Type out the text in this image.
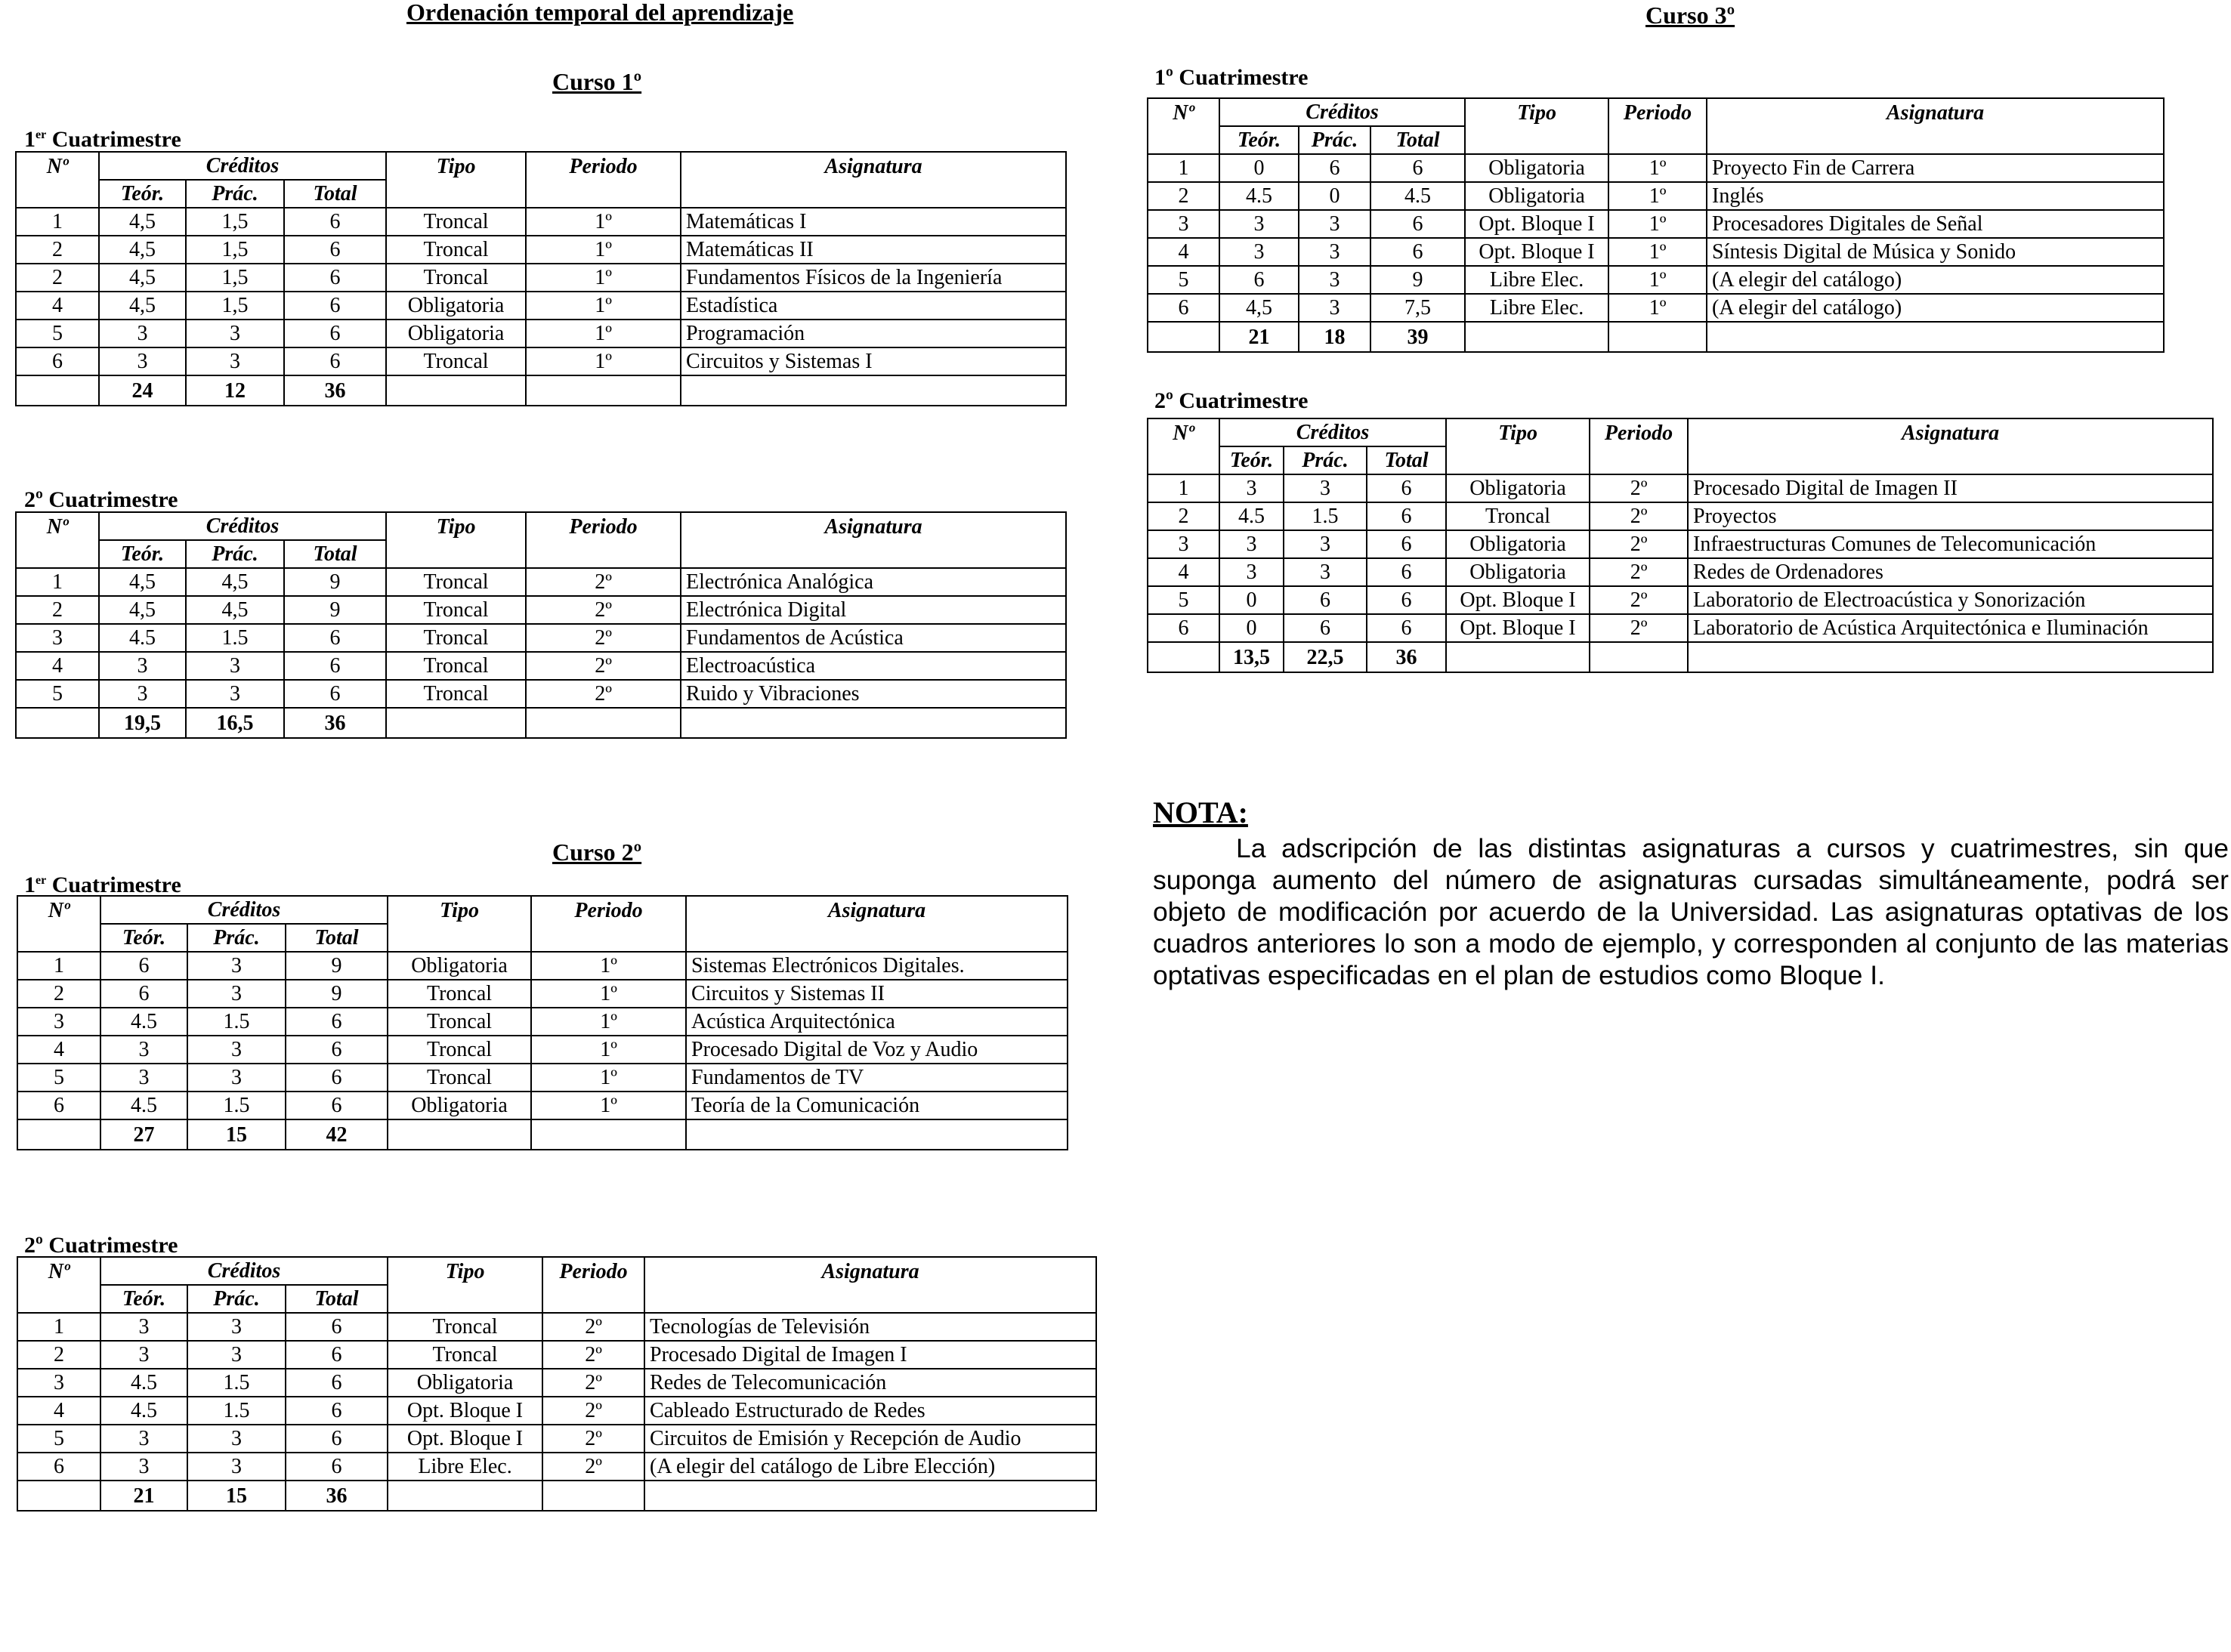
Ordenación temporal del aprendizaje
Curso 1º
Curso 2º
Curso 3º
1er Cuatrimestre
2º Cuatrimestre
1er Cuatrimestre
2º Cuatrimestre
1º Cuatrimestre
2º Cuatrimestre
Nº	Créditos			Tipo	Periodo	Asignatura
	Teór.	Prác.	Total			
1	4,5	1,5	6	Troncal	1º	Matemáticas I
2	4,5	1,5	6	Troncal	1º	Matemáticas II
2	4,5	1,5	6	Troncal	1º	Fundamentos Físicos de la Ingeniería
4	4,5	1,5	6	Obligatoria	1º	Estadística
5	3	3	6	Obligatoria	1º	Programación
6	3	3	6	Troncal	1º	Circuitos y Sistemas I
	24	12	36			
Nº	Créditos			Tipo	Periodo	Asignatura
	Teór.	Prác.	Total			
1	4,5	4,5	9	Troncal	2º	Electrónica Analógica
2	4,5	4,5	9	Troncal	2º	Electrónica Digital
3	4.5	1.5	6	Troncal	2º	Fundamentos de Acústica
4	3	3	6	Troncal	2º	Electroacústica
5	3	3	6	Troncal	2º	Ruido y Vibraciones
	19,5	16,5	36			
Nº	Créditos			Tipo	Periodo	Asignatura
	Teór.	Prác.	Total			
1	6	3	9	Obligatoria	1º	Sistemas Electrónicos Digitales.
2	6	3	9	Troncal	1º	Circuitos y Sistemas II
3	4.5	1.5	6	Troncal	1º	Acústica Arquitectónica
4	3	3	6	Troncal	1º	Procesado Digital de Voz y Audio
5	3	3	6	Troncal	1º	Fundamentos de TV
6	4.5	1.5	6	Obligatoria	1º	Teoría de la Comunicación
	27	15	42			
Nº	Créditos			Tipo	Periodo	Asignatura
	Teór.	Prác.	Total			
1	3	3	6	Troncal	2º	Tecnologías de Televisión
2	3	3	6	Troncal	2º	Procesado Digital de Imagen I
3	4.5	1.5	6	Obligatoria	2º	Redes de Telecomunicación
4	4.5	1.5	6	Opt. Bloque I	2º	Cableado Estructurado de Redes
5	3	3	6	Opt. Bloque I	2º	Circuitos de Emisión y Recepción de Audio
6	3	3	6	Libre Elec.	2º	(A elegir del catálogo de Libre Elección)
	21	15	36			
Nº	Créditos			Tipo	Periodo	Asignatura
	Teór.	Prác.	Total			
1	0	6	6	Obligatoria	1º	Proyecto Fin de Carrera
2	4.5	0	4.5	Obligatoria	1º	Inglés
3	3	3	6	Opt. Bloque I	1º	Procesadores Digitales de Señal
4	3	3	6	Opt. Bloque I	1º	Síntesis Digital de Música y Sonido
5	6	3	9	Libre Elec.	1º	(A elegir del catálogo)
6	4,5	3	7,5	Libre Elec.	1º	(A elegir del catálogo)
	21	18	39			
Nº	Créditos			Tipo	Periodo	Asignatura
	Teór.	Prác.	Total			
1	3	3	6	Obligatoria	2º	Procesado Digital de Imagen II
2	4.5	1.5	6	Troncal	2º	Proyectos
3	3	3	6	Obligatoria	2º	Infraestructuras Comunes de Telecomunicación
4	3	3	6	Obligatoria	2º	Redes de Ordenadores
5	0	6	6	Opt. Bloque I	2º	Laboratorio de Electroacústica y Sonorización
6	0	6	6	Opt. Bloque I	2º	Laboratorio de Acústica Arquitectónica e Iluminación
	13,5	22,5	36			
NOTA:
La adscripción de las distintas asignaturas a cursos y cuatrimestres, sin que suponga aumento del número de asignaturas cursadas simultáneamente, podrá ser objeto de modificación por acuerdo de la Universidad. Las asignaturas optativas de los cuadros anteriores lo son a modo de ejemplo, y corresponden al conjunto de las materias optativas especificadas en el plan de estudios como Bloque I.
